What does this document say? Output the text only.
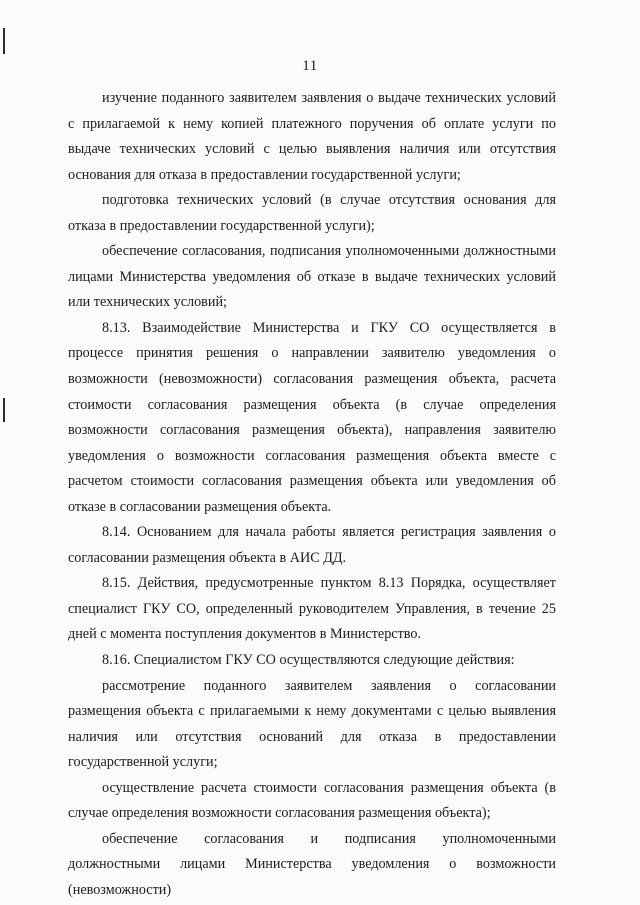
11

изучение поданного заявителем заявления о выдаче технических условий с прилагаемой к нему копией платежного поручения об оплате услуги по выдаче технических условий с целью выявления наличия или отсутствия основания для отказа в предоставлении государственной услуги;

подготовка технических условий (в случае отсутствия основания для отказа в предоставлении государственной услуги);

обеспечение согласования, подписания уполномоченными должностными лицами Министерства уведомления об отказе в выдаче технических условий или технических условий;

8.13. Взаимодействие Министерства и ГКУ СО осуществляется в процессе принятия решения о направлении заявителю уведомления о возможности (невозможности) согласования размещения объекта, расчета стоимости согласования размещения объекта (в случае определения возможности согласования размещения объекта), направления заявителю уведомления о возможности согласования размещения объекта вместе с расчетом стоимости согласования размещения объекта или уведомления об отказе в согласовании размещения объекта.

8.14. Основанием для начала работы является регистрация заявления о согласовании размещения объекта в АИС ДД.

8.15. Действия, предусмотренные пунктом 8.13 Порядка, осуществляет специалист ГКУ СО, определенный руководителем Управления, в течение 25 дней с момента поступления документов в Министерство.

8.16. Специалистом ГКУ СО осуществляются следующие действия:

рассмотрение поданного заявителем заявления о согласовании размещения объекта с прилагаемыми к нему документами с целью выявления наличия или отсутствия оснований для отказа в предоставлении государственной услуги;

осуществление расчета стоимости согласования размещения объекта (в случае определения возможности согласования размещения объекта);

обеспечение согласования и подписания уполномоченными должностными лицами Министерства уведомления о возможности (невозможности)
